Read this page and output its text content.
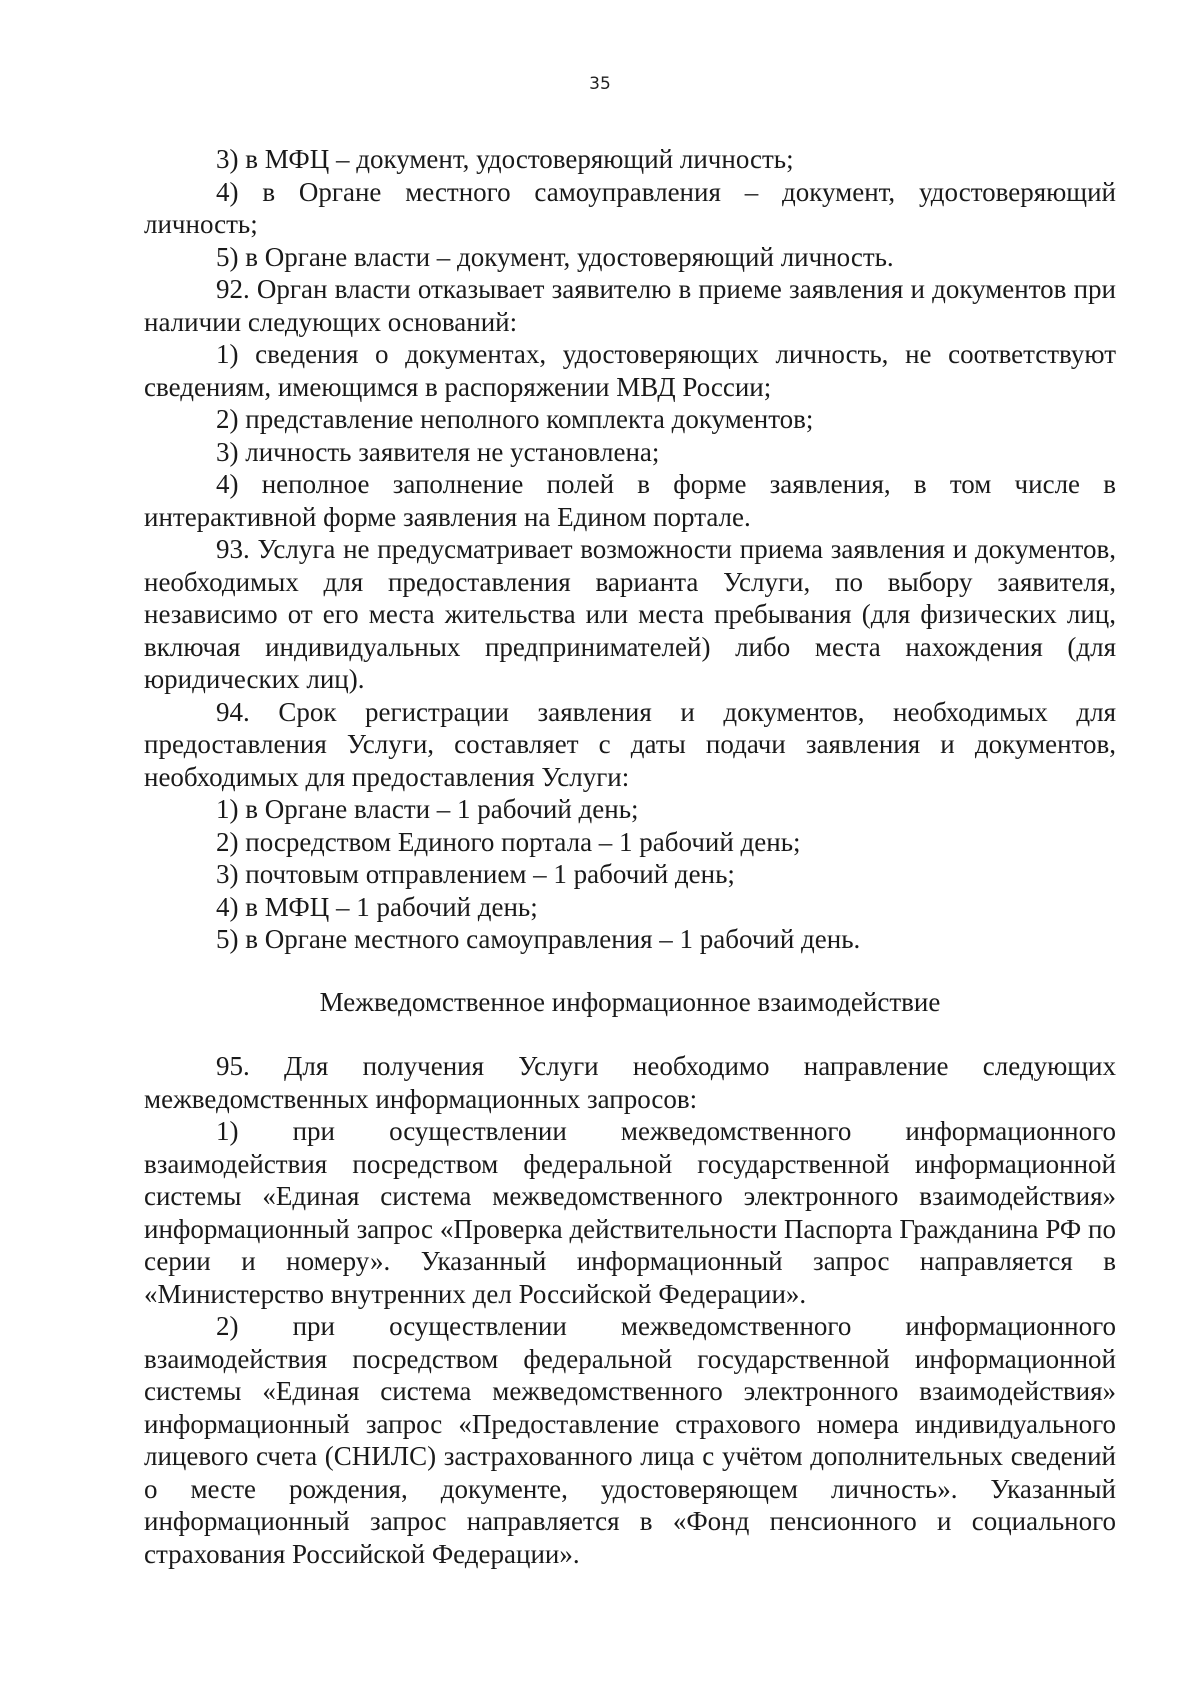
35

3) в МФЦ – документ, удостоверяющий личность;

4) в Органе местного самоуправления – документ, удостоверяющий личность;

5) в Органе власти – документ, удостоверяющий личность.

92. Орган власти отказывает заявителю в приеме заявления и документов при наличии следующих оснований:

1) сведения о документах, удостоверяющих личность, не соответствуют сведениям, имеющимся в распоряжении МВД России;

2) представление неполного комплекта документов;

3) личность заявителя не установлена;

4) неполное заполнение полей в форме заявления, в том числе в интерактивной форме заявления на Едином портале.

93. Услуга не предусматривает возможности приема заявления и документов, необходимых для предоставления варианта Услуги, по выбору заявителя, независимо от его места жительства или места пребывания (для физических лиц, включая индивидуальных предпринимателей) либо места нахождения (для юридических лиц).

94. Срок регистрации заявления и документов, необходимых для предоставления Услуги, составляет с даты подачи заявления и документов, необходимых для предоставления Услуги:

1) в Органе власти – 1 рабочий день;

2) посредством Единого портала – 1 рабочий день;

3) почтовым отправлением – 1 рабочий день;

4) в МФЦ – 1 рабочий день;

5) в Органе местного самоуправления – 1 рабочий день.

Межведомственное информационное взаимодействие

95. Для получения Услуги необходимо направление следующих межведомственных информационных запросов:

1) при осуществлении межведомственного информационного взаимодействия посредством федеральной государственной информационной системы «Единая система межведомственного электронного взаимодействия» информационный запрос «Проверка действительности Паспорта Гражданина РФ по серии и номеру». Указанный информационный запрос направляется в «Министерство внутренних дел Российской Федерации».

2) при осуществлении межведомственного информационного взаимодействия посредством федеральной государственной информационной системы «Единая система межведомственного электронного взаимодействия» информационный запрос «Предоставление страхового номера индивидуального лицевого счета (СНИЛС) застрахованного лица с учётом дополнительных сведений о месте рождения, документе, удостоверяющем личность». Указанный информационный запрос направляется в «Фонд пенсионного и социального страхования Российской Федерации».
